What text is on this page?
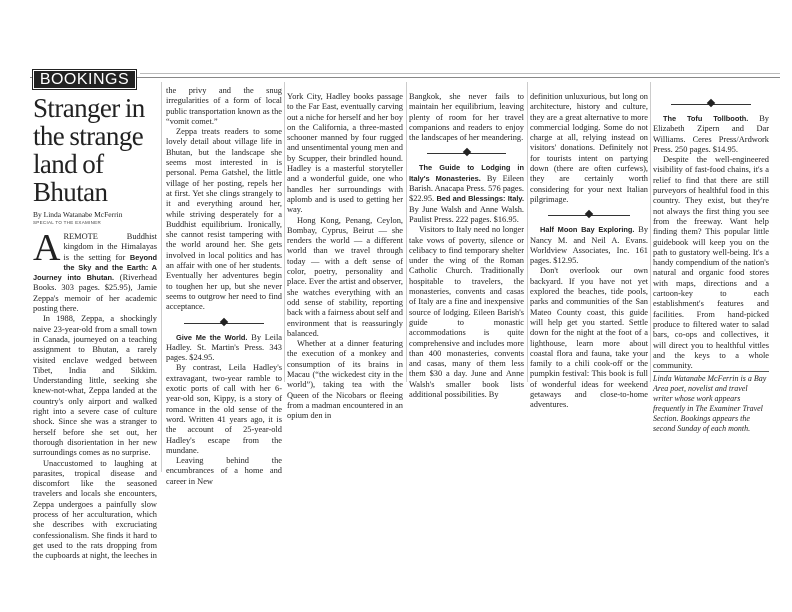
BOOKINGS
Stranger in the strange land of Bhutan
By Linda Watanabe McFerrin
SPECIAL TO THE EXAMINER

AREMOTE Buddhist kingdom in the Himalayas is the setting for Beyond the Sky and the Earth: A Journey into Bhutan. (Riverhead Books. 303 pages. $25.95), Jamie Zeppa's memoir of her academic posting there.

In 1988, Zeppa, a shockingly naive 23-year-old from a small town in Canada, journeyed on a teaching assignment to Bhutan, a rarely visited enclave wedged between Tibet, India and Sikkim. Understanding little, seeking she knew-not-what, Zeppa landed at the country's only airport and walked right into a severe case of culture shock. Since she was a stranger to herself before she set out, her thorough disorientation in her new surroundings comes as no surprise.

Unaccustomed to laughing at parasites, tropical disease and discomfort like the seasoned travelers and locals she encounters, Zeppa undergoes a painfully slow process of her acculturation, which she describes with excruciating confessionalism. She finds it hard to get used to the rats dropping from the cupboards at night, the leeches in

the privy and the snug irregularities of a form of local public transportation known as the “vomit comet.”

Zeppa treats readers to some lovely detail about village life in Bhutan, but the landscape she seems most interested in is personal. Pema Gatshel, the little village of her posting, repels her at first. Yet she clings strangely to it and everything around her, while striving desperately for a Buddhist equilibrium. Ironically, she cannot resist tampering with the world around her. She gets involved in local politics and has an affair with one of her students. Eventually her adventures begin to toughen her up, but she never seems to outgrow her need to find acceptance.

Give Me the World. By Leila Hadley. St. Martin's Press. 343 pages. $24.95.

By contrast, Leila Hadley's extravagant, two-year ramble to exotic ports of call with her 6-year-old son, Kippy, is a story of romance in the old sense of the word. Written 41 years ago, it is the account of 25-year-old Hadley's escape from the mundane.

Leaving behind the encumbrances of a home and career in New

York City, Hadley books passage to the Far East, eventually carving out a niche for herself and her boy on the California, a three-masted schooner manned by four rugged and unsentimental young men and by Scupper, their brindled hound. Hadley is a masterful storyteller and a wonderful guide, one who handles her surroundings with aplomb and is used to getting her way.

Hong Kong, Penang, Ceylon, Bombay, Cyprus, Beirut — she renders the world — a different world than we travel through today — with a deft sense of color, poetry, personality and place. Ever the artist and observer, she watches everything with an odd sense of stability, reporting back with a fairness about self and environment that is reassuringly balanced.

Whether at a dinner featuring the execution of a monkey and consumption of its brains in Macau (“the wickedest city in the world”), taking tea with the Queen of the Nicobars or fleeing from a madman encountered in an opium den in

Bangkok, she never fails to maintain her equilibrium, leaving plenty of room for her travel companions and readers to enjoy the landscapes of her meandering.

The Guide to Lodging in Italy's Monasteries. By Eileen Barish. Anacapa Press. 576 pages. $22.95. Bed and Blessings: Italy. By June Walsh and Anne Walsh. Paulist Press. 222 pages. $16.95.

Visitors to Italy need no longer take vows of poverty, silence or celibacy to find temporary shelter under the wing of the Roman Catholic Church. Traditionally hospitable to travelers, the monasteries, convents and casas of Italy are a fine and inexpensive source of lodging. Eileen Barish's guide to monastic accommodations is quite comprehensive and includes more than 400 monasteries, convents and casas, many of them less them $30 a day. June and Anne Walsh's smaller book lists additional possibilities. By

definition unluxurious, but long on architecture, history and culture, they are a great alternative to more commercial lodging. Some do not charge at all, relying instead on visitors' donations. Definitely not for tourists intent on partying down (there are often curfews), they are certainly worth considering for your next Italian pilgrimage.

Half Moon Bay Exploring. By Nancy M. and Neil A. Evans. Worldview Associates, Inc. 161 pages. $12.95.

Don't overlook our own backyard. If you have not yet explored the beaches, tide pools, parks and communities of the San Mateo County coast, this guide will help get you started. Settle down for the night at the foot of a lighthouse, learn more about coastal flora and fauna, take your family to a chili cook-off or the pumpkin festival: This book is full of wonderful ideas for weekend getaways and close-to-home adventures.

The Tofu Tollbooth. By Elizabeth Zipern and Dar Williams. Ceres Press/Ardwork Press. 250 pages. $14.95.

Despite the well-engineered visibility of fast-food chains, it's a relief to find that there are still purveyors of healthful food in this country. They exist, but they're not always the first thing you see from the freeway. Want help finding them? This popular little guidebook will keep you on the path to gustatory well-being. It's a handy compendium of the nation's natural and organic food stores with maps, directions and a cartoon-key to each establishment's features and facilities. From hand-picked produce to filtered water to salad bars, co-ops and collectives, it will direct you to healthful vittles and the keys to a whole community.

Linda Watanabe McFerrin is a Bay Area poet, novelist and travel writer whose work appears frequently in The Examiner Travel Section. Bookings appears the second Sunday of each month.
